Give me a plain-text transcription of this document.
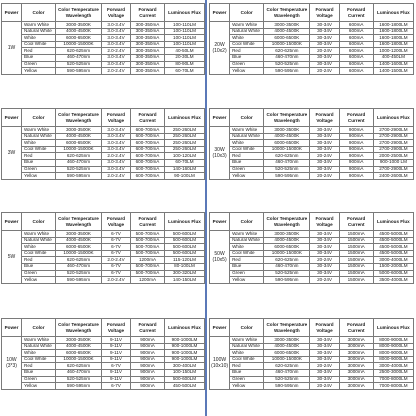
Power	Color	Color Temperature Wavelength	Forward Voltage	Forward Current	Luminous Flux
1W	Warm White	3000-3500K	3.0-3.4V	300-350mA	100-110LM
	Natural White	4000-4500K	3.0-3.4V	300-350mA	100-110LM
	White	6000-6500K	3.0-3.4V	300-350mA	100-110LM
	Cool White	10000-15000K	3.0-3.4V	300-350mA	100-110LM
	Red	620-625nm	2.0-2.4V	300-350mA	40-50LM
	Blue	460-470nm	3.0-3.4V	300-350mA	20-30LM
	Green	520-525nm	3.0-3.4V	300-350mA	80-90LM
	Yellow	590-595nm	2.0-2.4V	300-350mA	60-70LM
Power	Color	Color Temperature Wavelength	Forward Voltage	Forward Current	Luminous Flux
3W	Warm White	3000-3500K	3.0-3.4V	600-700mA	250-260LM
	Natural White	4000-4500K	3.0-3.4V	600-700mA	250-260LM
	White	6000-6500K	3.0-3.4V	600-700mA	250-260LM
	Cool White	10000-15000K	3.0-3.4V	600-700mA	250-260LM
	Red	620-625nm	2.0-2.4V	600-700mA	100-120LM
	Blue	460-470nm	3.0-3.4V	600-700mA	60-70LM
	Green	520-525nm	3.0-3.4V	600-700mA	140-160LM
	Yellow	590-595nm	2.0-2.4V	600-700mA	90-100LM
Power	Color	Color Temperature Wavelength	Forward Voltage	Forward Current	Luminous Flux
5W	Warm White	3000-3500K	6-7V	500-700mA	500-600LM
	Natural White	4000-4500K	6-7V	500-700mA	500-600LM
	White	6000-6500K	6-7V	500-700mA	500-600LM
	Cool White	10000-15000K	6-7V	500-700mA	500-600LM
	Red	620-625nm	2.0-2.4V	1200mA	115-120LM
	Blue	460-470nm	6-7V	500-700mA	80-100LM
	Green	520-525nm	6-7V	500-700mA	300-320LM
	Yellow	590-595nm	2.0-2.4V	1200mA	140-150LM
Power	Color	Color Temperature Wavelength	Forward Voltage	Forward Current	Luminous Flux
10W (3*3)	Warm White	3000-3500K	9-11V	900mA	900-1000LM
	Natural White	4000-4500K	9-11V	900mA	900-1000LM
	White	6000-6500K	9-11V	900mA	900-1000LM
	Cool White	10000-15000K	9-11V	900mA	900-1000LM
	Red	620-625nm	6-7V	900mA	300-400LM
	Blue	460-470nm	9-11V	900mA	100-150LM
	Green	520-525nm	9-11V	900mA	500-600LM
	Yellow	590-595nm	6-7V	900mA	450-500LM
Power	Color	Color Temperature Wavelength	Forward Voltage	Forward Current	Luminous Flux
20W (10x2)	Warm White	3000-3500K	30-34V	600mA	1600-1800LM
	Natural White	4000-4500K	30-34V	600mA	1600-1800LM
	White	6000-6500K	30-34V	600mA	1600-1800LM
	Cool White	10000-15000K	30-34V	600mA	1600-1800LM
	Red	620-625nm	20-24V	600mA	1000-1200LM
	Blue	460-470nm	30-34V	600mA	400-450LM
	Green	520-525nm	30-34V	600mA	1400-1600LM
	Yellow	590-595nm	20-24V	600mA	1400-1500LM
Power	Color	Color Temperature Wavelength	Forward Voltage	Forward Current	Luminous Flux
30W (10x3)	Warm White	3000-3500K	30-34V	900mA	2700-2900LM
	Natural White	4000-4500K	30-34V	900mA	2700-2900LM
	White	6000-6500K	30-34V	900mA	2700-2900LM
	Cool White	10000-15000K	30-34V	900mA	2700-2900LM
	Red	620-625nm	20-24V	900mA	2000-2500LM
	Blue	460-470nm	30-34V	900mA	900-1000 LM
	Green	520-525nm	30-34V	900mA	2700-2900LM
	Yellow	590-595nm	20-24V	900mA	2400-2600LM
Power	Color	Color Temperature Wavelength	Forward Voltage	Forward Current	Luminous Flux
50W (10x5)	Warm White	3000-3500K	30-34V	1500mA	4500-5000LM
	Natural White	4000-4500K	30-34V	1500mA	4500-5000LM
	White	6000-6500K	30-34V	1500mA	4500-5000LM
	Cool White	10000-15000K	30-34V	1500mA	4500-5000LM
	Red	620-625nm	20-24V	1500mA	3000-4000LM
	Blue	460-470nm	30-34V	1500mA	1500-2000LM
	Green	520-525nm	30-34V	1500mA	5000-6000LM
	Yellow	590-595nm	20-24V	1500mA	3500-4000LM
Power	Color	Color Temperature Wavelength	Forward Voltage	Forward Current	Luminous Flux
100W (10x10)	Warm White	3000-3500K	30-34V	3000mA	8000-9000LM
	Natural White	4000-4500K	30-34V	3000mA	8000-9000LM
	White	6000-6500K	30-34V	3000mA	8000-9000LM
	Cool White	10000-15000K	30-34V	3000mA	8000-9000LM
	Red	620-625nm	20-24V	3000mA	3000-4000LM
	Blue	460-470nm	30-34V	3000mA	2500-3000LM
	Green	520-525nm	30-34V	3000mA	7000-8000LM
	Yellow	590-595nm	20-24V	3000mA	7000-8000LM
